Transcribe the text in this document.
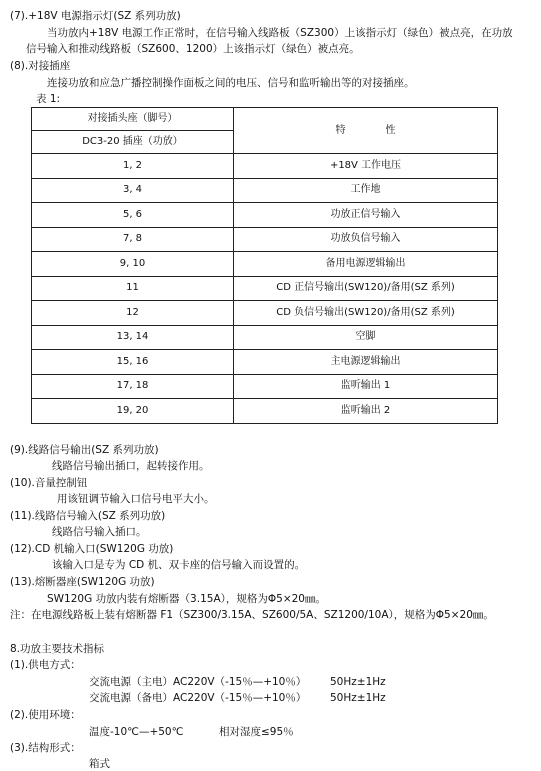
(7).+18V 电源指示灯(SZ 系列功放)
当功放内+18V 电源工作正常时，在信号输入线路板（SZ300）上该指示灯（绿色）被点亮，在功放
信号输入和推动线路板（SZ600、1200）上该指示灯（绿色）被点亮。
(8).对接插座
连接功放和应急广播控制操作面板之间的电压、信号和监听输出等的对接插座。
表 1:
对接插头座（脚号）	特　　　　性
DC3-20 插座（功放）	
1, 2	+18V 工作电压
3, 4	工作地
5, 6	功放正信号输入
7, 8	功放负信号输入
9, 10	备用电源逻辑输出
11	CD 正信号输出(SW120)/备用(SZ 系列)
12	CD 负信号输出(SW120)/备用(SZ 系列)
13, 14	空脚
15, 16	主电源逻辑输出
17, 18	监听输出 1
19, 20	监听输出 2
(9).线路信号输出(SZ 系列功放)
线路信号输出插口，起转接作用。
(10).音量控制钮
用该钮调节输入口信号电平大小。
(11).线路信号输入(SZ 系列功放)
线路信号输入插口。
(12).CD 机输入口(SW120G 功放)
该输入口是专为 CD 机、双卡座的信号输入而设置的。
(13).熔断器座(SW120G 功放)
SW120G 功放内装有熔断器（3.15A），规格为Φ5×20㎜。
注：在电源线路板上装有熔断器 F1（SZ300/3.15A、SZ600/5A、SZ1200/10A），规格为Φ5×20㎜。
8.功放主要技术指标
(1).供电方式：
交流电源（主电）AC220V（-15％—+10％） 50Hz±1Hz
交流电源（备电）AC220V（-15％—+10％） 50Hz±1Hz
(2).使用环境：
温度-10℃—+50℃	相对湿度≤95％
(3).结构形式：
箱式
